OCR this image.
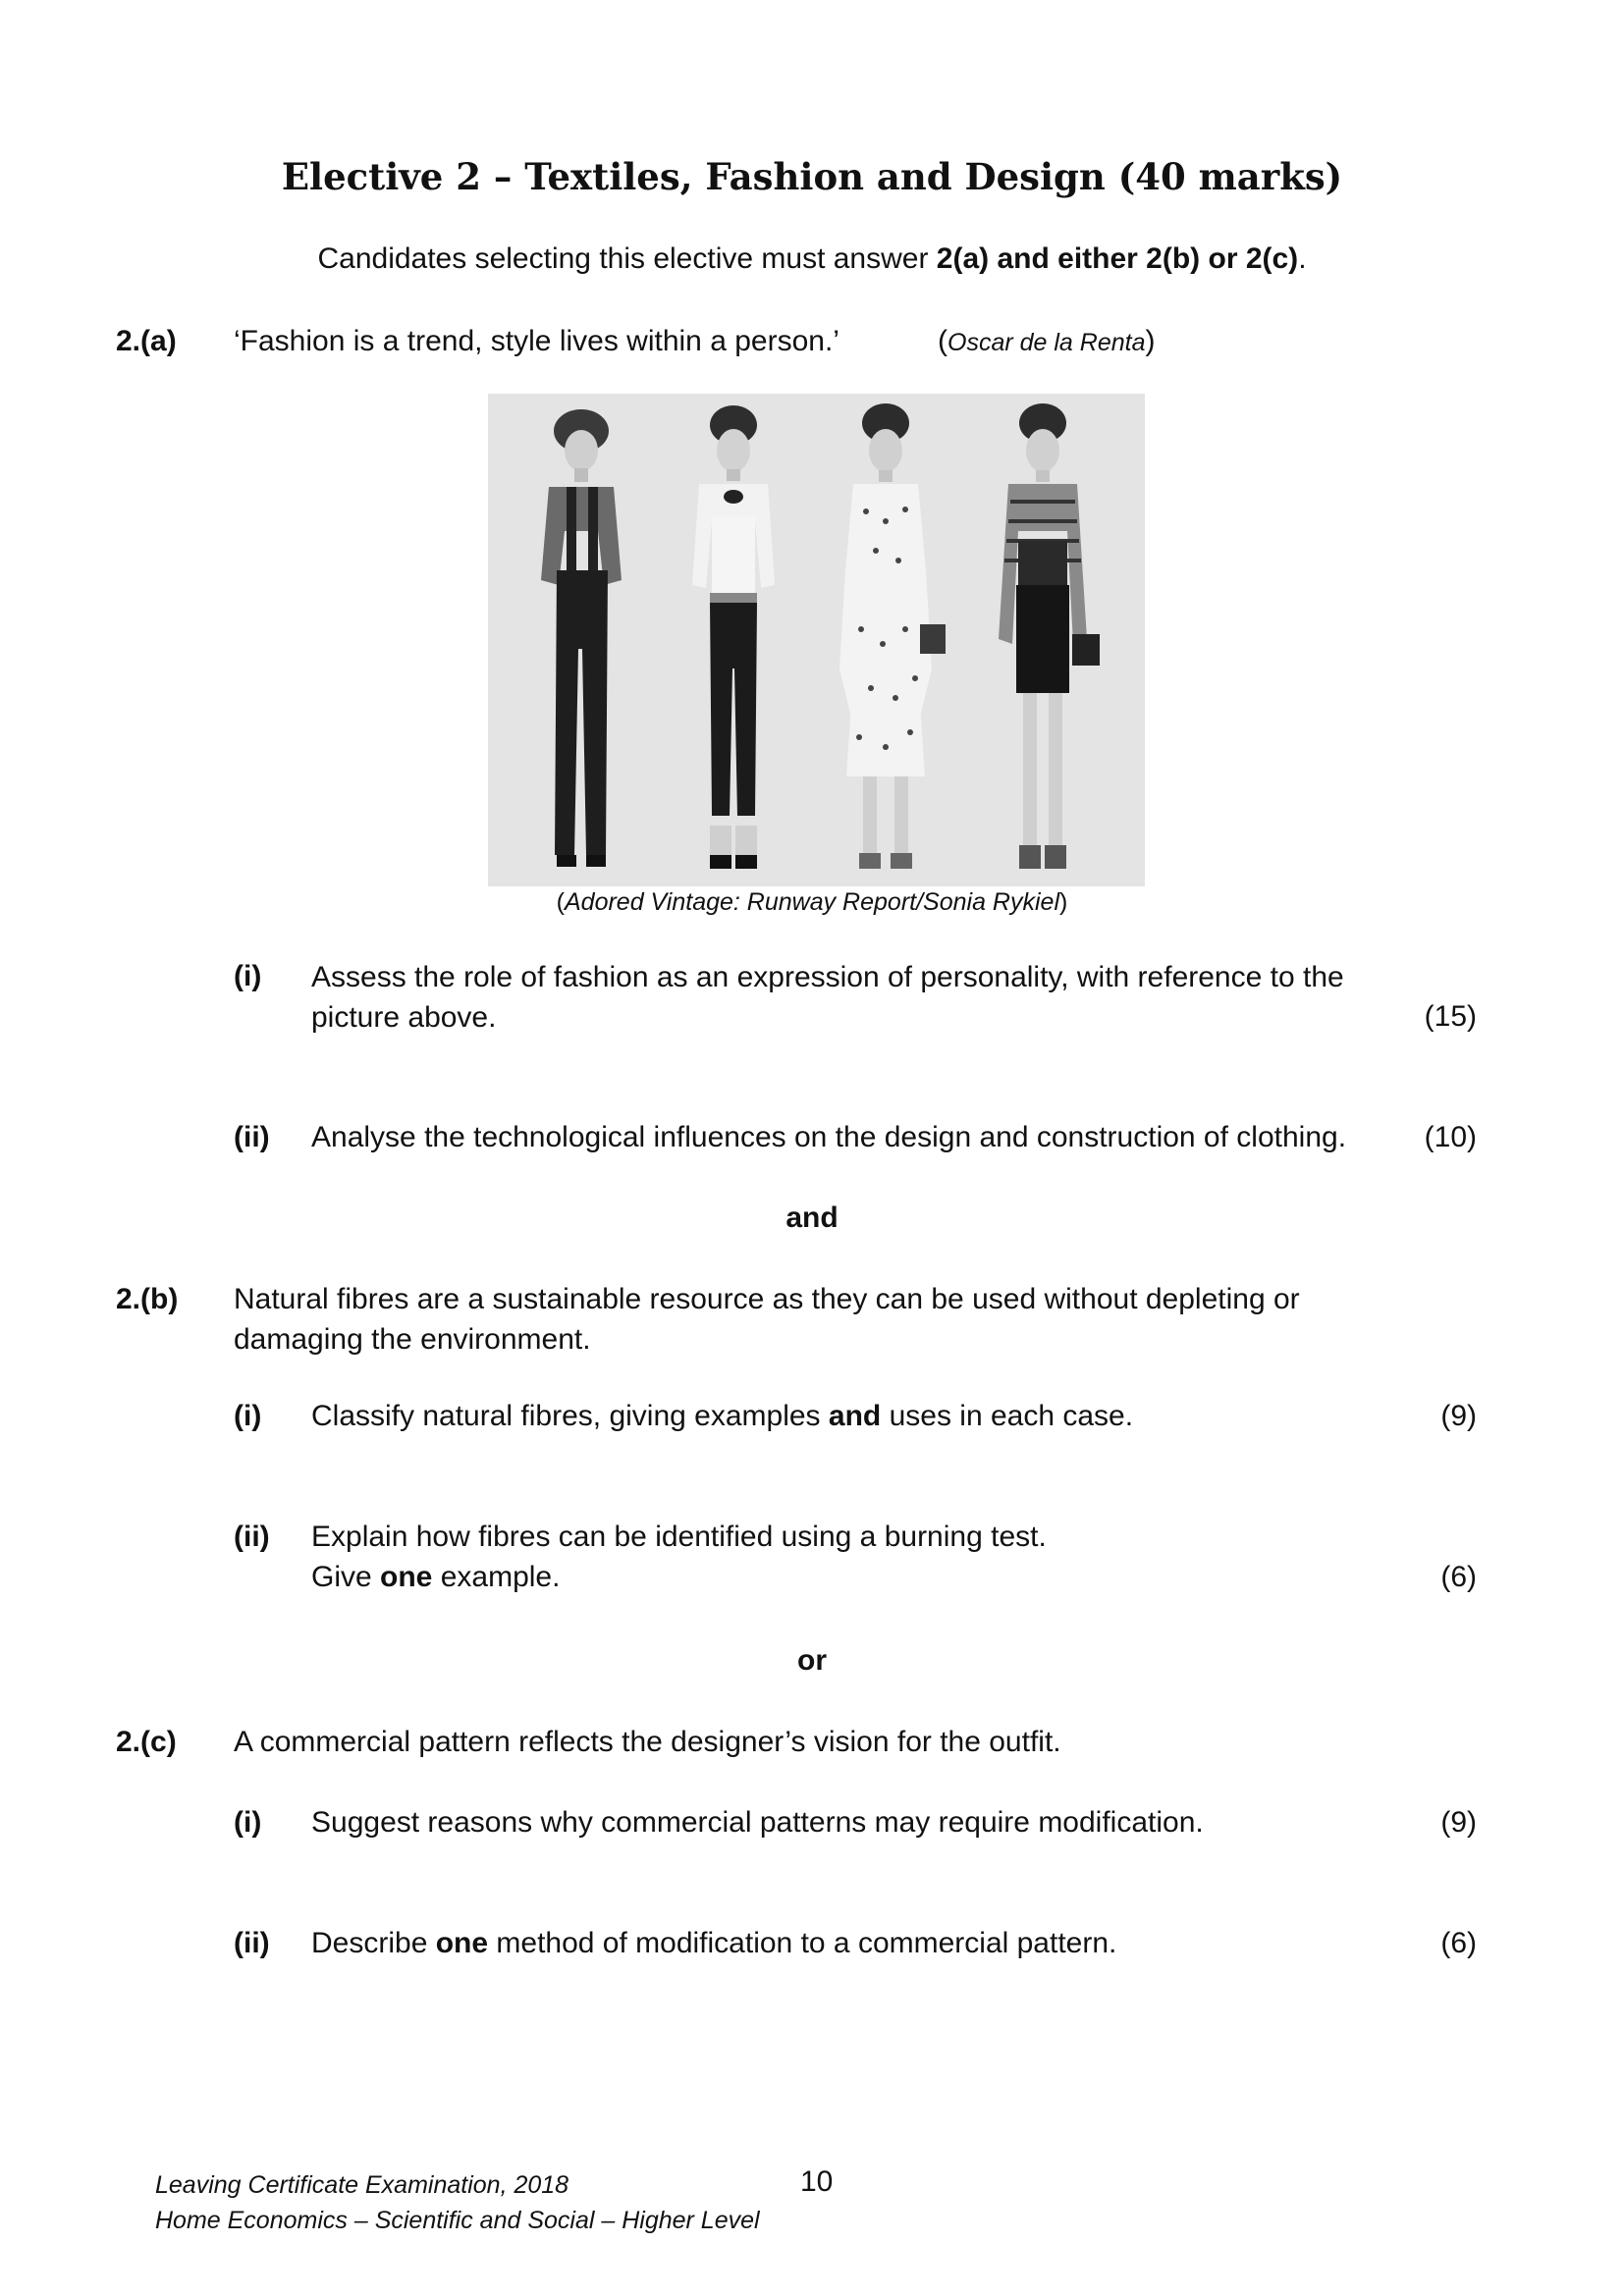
Elective 2 – Textiles, Fashion and Design (40 marks)
Candidates selecting this elective must answer 2(a) and either 2(b) or 2(c).
2.(a) ‘Fashion is a trend, style lives within a person.’	(Oscar de la Renta)
(Adored Vintage: Runway Report/Sonia Rykiel)
(i) Assess the role of fashion as an expression of personality, with reference to the
picture above.	(15)
(ii) Analyse the technological influences on the design and construction of clothing.	(10)
and
2.(b) Natural fibres are a sustainable resource as they can be used without depleting or
damaging the environment.
(i) Classify natural fibres, giving examples and uses in each case.	(9)
(ii) Explain how fibres can be identified using a burning test.
Give one example.	(6)
or
2.(c) A commercial pattern reflects the designer’s vision for the outfit.
(i) Suggest reasons why commercial patterns may require modification.	(9)
(ii) Describe one method of modification to a commercial pattern.	(6)
Leaving Certificate Examination, 2018
Home Economics – Scientific and Social – Higher Level
10
